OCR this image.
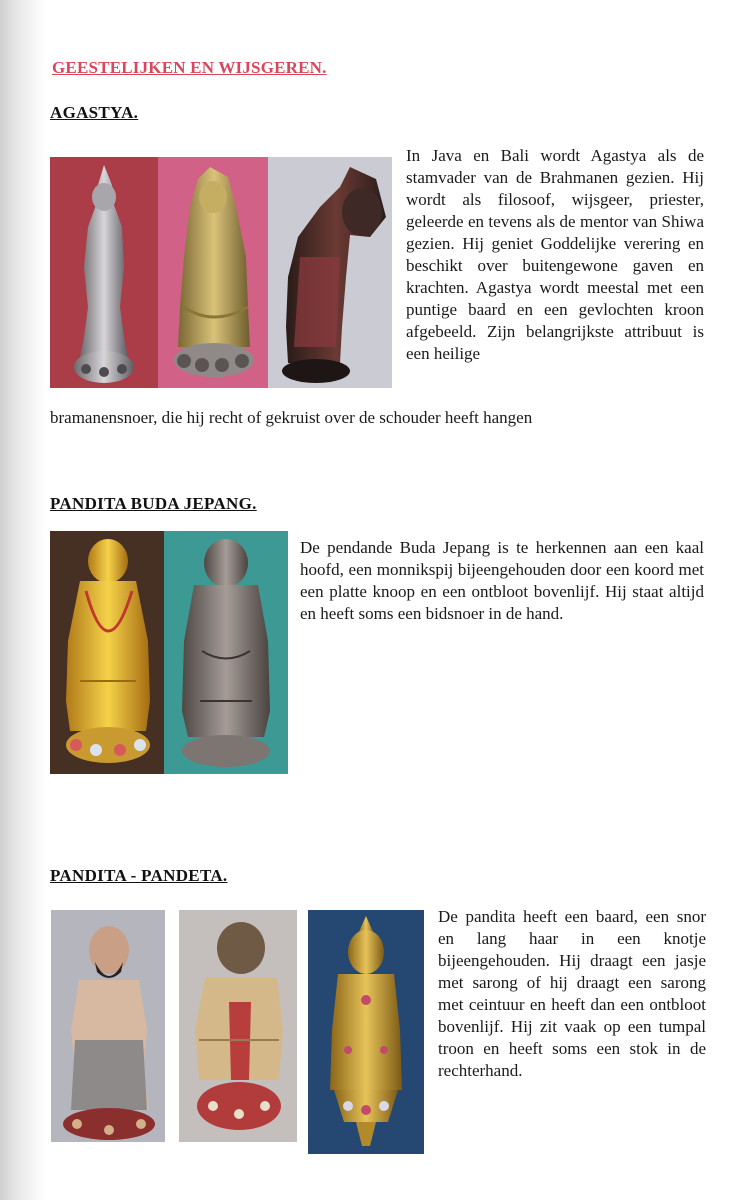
GEESTELIJKEN EN WIJSGEREN.
AGASTYA.
In Java en Bali wordt Agastya als de stamvader van de Brahmanen gezien. Hij wordt als filosoof, wijsgeer, priester, geleerde en tevens als de mentor van Shiwa gezien. Hij geniet Goddelijke verering en beschikt over buitengewone gaven en krachten. Agastya wordt meestal met een puntige baard en een gevlochten kroon afgebeeld. Zijn belangrijkste attribuut is een heilige
bramanensnoer, die hij recht of gekruist over de schouder heeft hangen
PANDITA BUDA JEPANG.
De pendande Buda Jepang is te herkennen aan een kaal hoofd, een monnikspij bijeengehouden door een koord met een platte knoop en een ontbloot bovenlijf. Hij staat altijd en heeft soms een bidsnoer in de hand.
PANDITA - PANDETA.
De pandita heeft een baard, een snor en lang haar in een knotje bijeengehouden. Hij draagt een jasje met sarong of hij draagt een sarong met ceintuur en heeft dan een ontbloot bovenlijf. Hij zit vaak op een tumpal troon en heeft soms een stok in de rechterhand.
